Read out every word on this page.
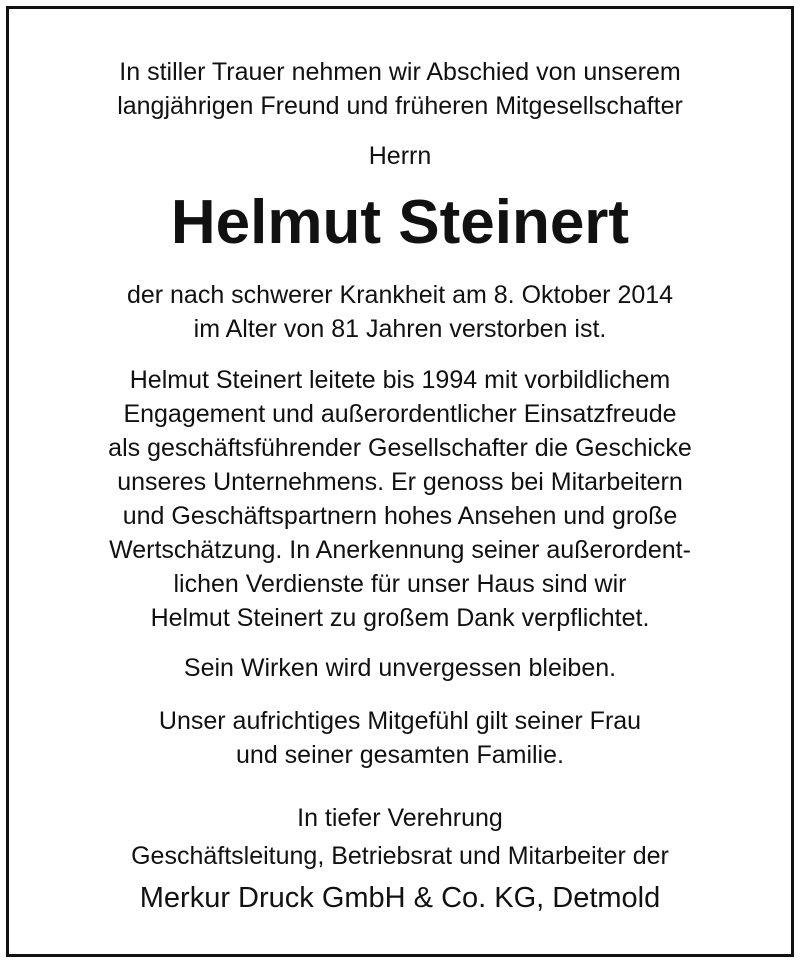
In stiller Trauer nehmen wir Abschied von unserem
langjährigen Freund und früheren Mitgesellschafter
Herrn
Helmut Steinert
der nach schwerer Krankheit am 8. Oktober 2014
im Alter von 81 Jahren verstorben ist.
Helmut Steinert leitete bis 1994 mit vorbildlichem
Engagement und außerordentlicher Einsatzfreude
als geschäftsführender Gesellschafter die Geschicke
unseres Unternehmens. Er genoss bei Mitarbeitern
und Geschäftspartnern hohes Ansehen und große
Wertschätzung. In Anerkennung seiner außerordent-
lichen Verdienste für unser Haus sind wir
Helmut Steinert zu großem Dank verpflichtet.
Sein Wirken wird unvergessen bleiben.
Unser aufrichtiges Mitgefühl gilt seiner Frau
und seiner gesamten Familie.
In tiefer Verehrung
Geschäftsleitung, Betriebsrat und Mitarbeiter der
Merkur Druck GmbH & Co. KG, Detmold
